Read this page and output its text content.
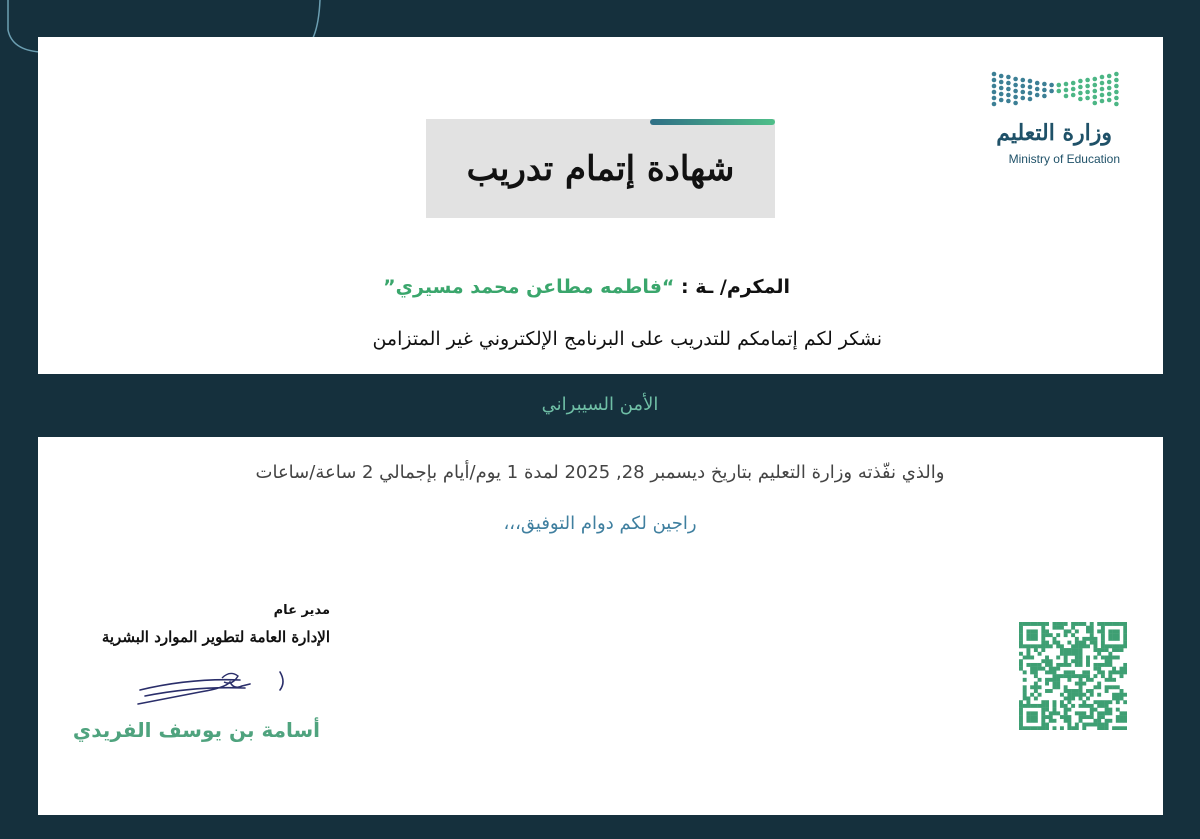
وزارة التعليم
Ministry of Education
شهادة إتمام تدريب
المكرم/ ـة : “فاطمه مطاعن محمد مسيري”
نشكر لكم إتمامكم للتدريب على البرنامج الإلكتروني غير المتزامن
الأمن السيبراني
والذي نفّذته وزارة التعليم بتاريخ ديسمبر 28, 2025 لمدة 1 يوم/أيام بإجمالي 2 ساعة/ساعات
راجين لكم دوام التوفيق،،،
مدير عام
الإدارة العامة لتطوير الموارد البشرية
أسامة بن يوسف الفريدي
